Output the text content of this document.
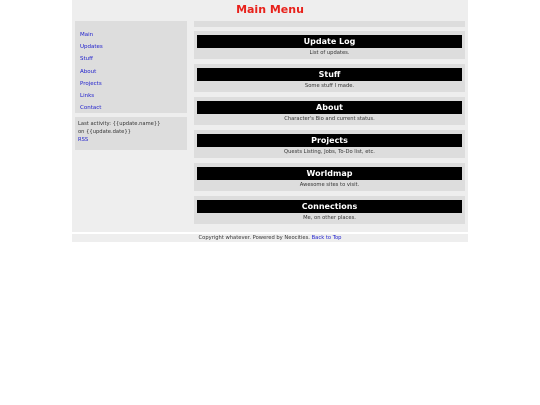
Main Menu
Main
Updates
Stuff
About
Projects
Links
Contact
Last activity: {{update.name}}
on {{update.date}}
RSS
Update Log
List of updates.
Stuff
Some stuff I made.
About
Character's Bio and current status.
Projects
Quests Listing, Jobs, To-Do list, etc.
Worldmap
Awesome sites to visit.
Connections
Me, on other places.
Copyright whatever. Powered by Neocities. Back to Top
